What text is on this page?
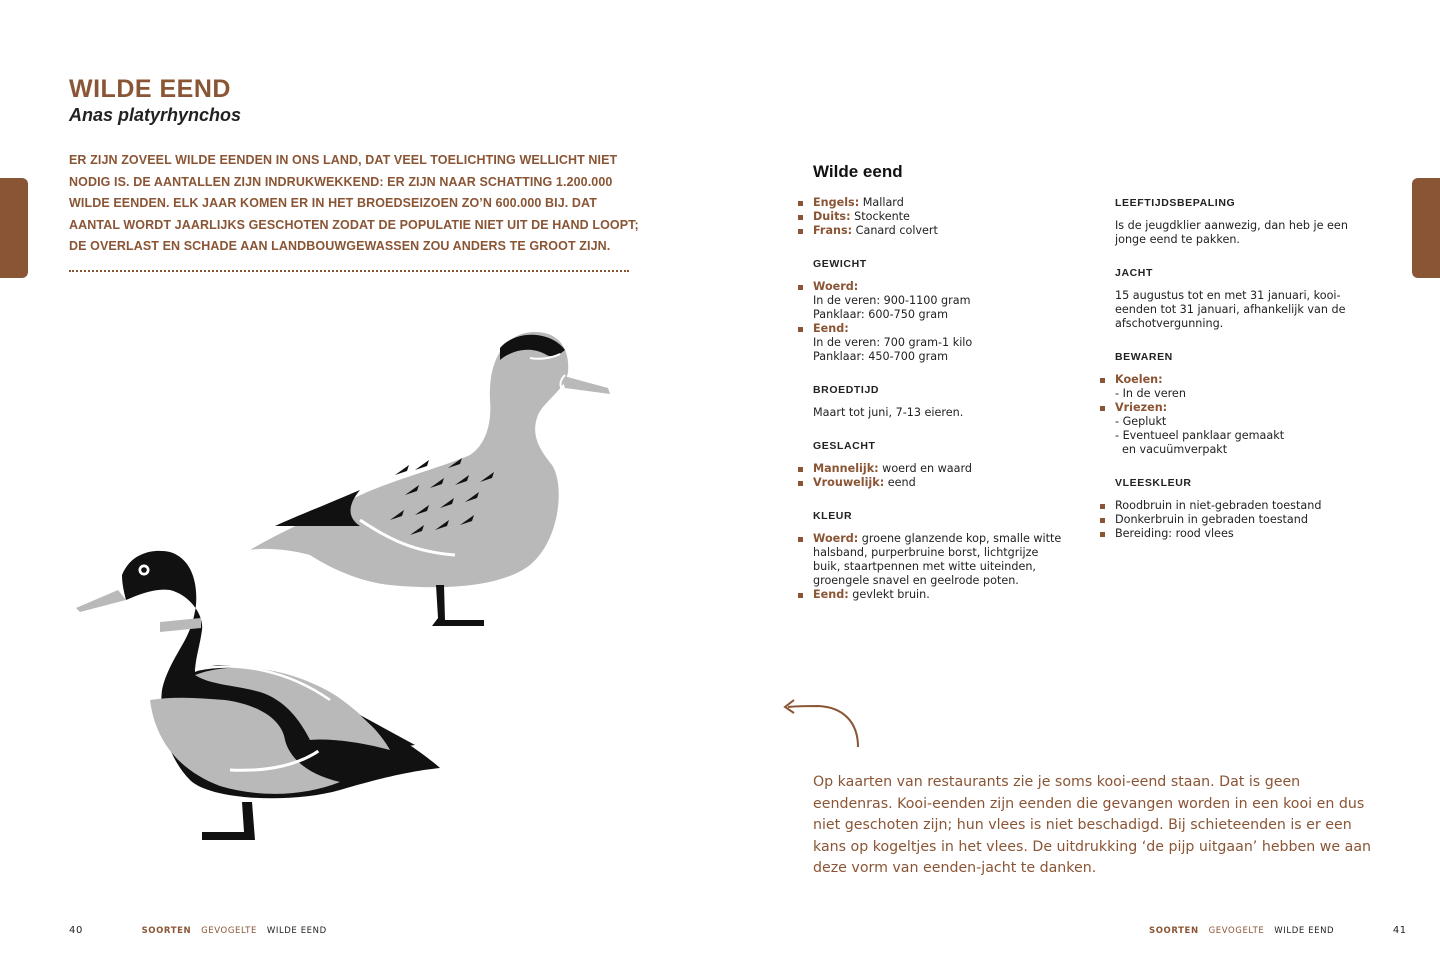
WILDE EEND
Anas platyrhynchos
ER ZIJN ZOVEEL WILDE EENDEN IN ONS LAND, DAT VEEL TOELICHTING WELLICHT NIET NODIG IS. DE AANTALLEN ZIJN INDRUKWEKKEND: ER ZIJN NAAR SCHATTING 1.200.000 WILDE EENDEN. ELK JAAR KOMEN ER IN HET BROEDSEIZOEN ZO’N 600.000 BIJ. DAT AANTAL WORDT JAARLIJKS GESCHOTEN ZODAT DE POPULATIE NIET UIT DE HAND LOOPT; DE OVERLAST EN SCHADE AAN LANDBOUWGEWASSEN ZOU ANDERS TE GROOT ZIJN.
Wilde eend
Engels: Mallard
Duits: Stockente
Frans: Canard colvert
GEWICHT
Woerd:
In de veren: 900-1100 gram
Panklaar: 600-750 gram
Eend:
In de veren: 700 gram-1 kilo
Panklaar: 450-700 gram
BROEDTIJD

Maart tot juni, 7-13 eieren.

GESLACHT
Mannelijk: woerd en waard
Vrouwelijk: eend
KLEUR
Woerd: groene glanzende kop, smalle witte halsband, purperbruine borst, lichtgrijze buik, staartpennen met witte uiteinden, groengele snavel en geelrode poten.
Eend: gevlekt bruin.
LEEFTIJDSBEPALING

Is de jeugdklier aanwezig, dan heb je een jonge eend te pakken.

JACHT

15 augustus tot en met 31 januari, kooi-eenden tot 31 januari, afhankelijk van de afschotvergunning.

BEWAREN
Koelen:
- In de veren
Vriezen:
- Geplukt
- Eventueel panklaar gemaakt
en vacuümverpakt
VLEESKLEUR
Roodbruin in niet-gebraden toestand
Donkerbruin in gebraden toestand
Bereiding: rood vlees
Op kaarten van restaurants zie je soms kooi-eend staan. Dat is geen eendenras. Kooi-eenden zijn eenden die gevangen worden in een kooi en dus niet geschoten zijn; hun vlees is niet beschadigd. Bij schieteenden is er een kans op kogeltjes in het vlees. De uitdrukking ‘de pijp uitgaan’ hebben we aan deze vorm van eenden-jacht te danken.
40	SOORTEN GEVOGELTE WILDE EEND	SOORTEN GEVOGELTE WILDE EEND	41
